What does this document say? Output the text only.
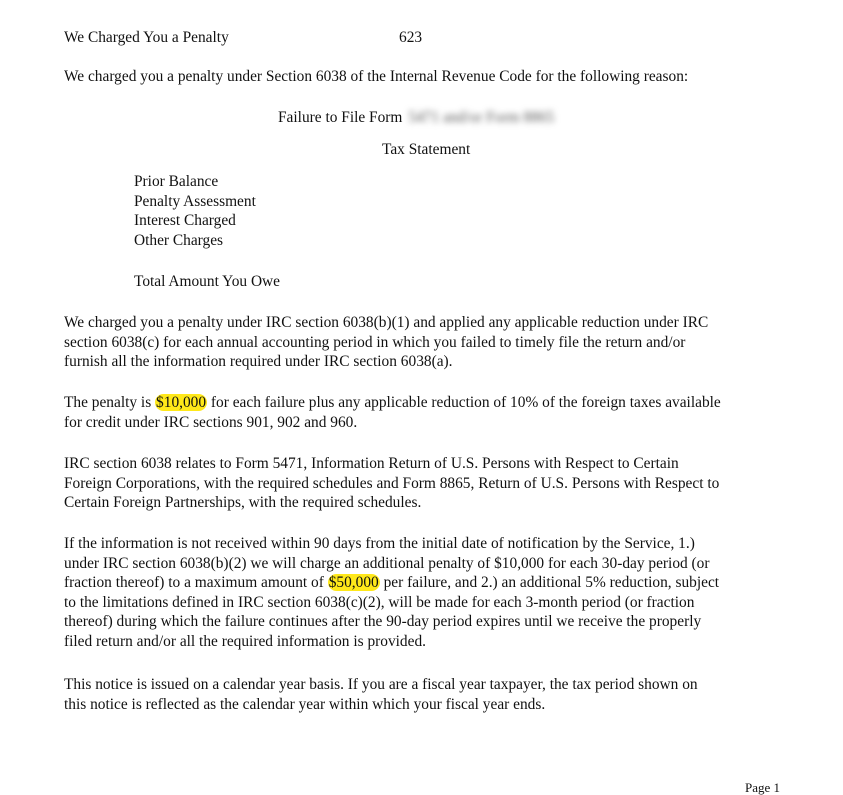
We Charged You a Penalty	623
We charged you a penalty under Section 6038 of the Internal Revenue Code for the following reason:
Failure to File Form 5471 and/or Form 8865
Tax Statement
Prior Balance
Penalty Assessment
Interest Charged
Other Charges
Total Amount You Owe

We charged you a penalty under IRC section 6038(b)(1) and applied any applicable reduction under IRC
section 6038(c) for each annual accounting period in which you failed to timely file the return and/or
furnish all the information required under IRC section 6038(a).

The penalty is $10,000 for each failure plus any applicable reduction of 10% of the foreign taxes available
for credit under IRC sections 901, 902 and 960.

IRC section 6038 relates to Form 5471, Information Return of U.S. Persons with Respect to Certain
Foreign Corporations, with the required schedules and Form 8865, Return of U.S. Persons with Respect to
Certain Foreign Partnerships, with the required schedules.

If the information is not received within 90 days from the initial date of notification by the Service, 1.)
under IRC section 6038(b)(2) we will charge an additional penalty of $10,000 for each 30-day period (or
fraction thereof) to a maximum amount of $50,000 per failure, and 2.) an additional 5% reduction, subject
to the limitations defined in IRC section 6038(c)(2), will be made for each 3-month period (or fraction
thereof) during which the failure continues after the 90-day period expires until we receive the properly
filed return and/or all the required information is provided.

This notice is issued on a calendar year basis. If you are a fiscal year taxpayer, the tax period shown on
this notice is reflected as the calendar year within which your fiscal year ends.

Page 1
